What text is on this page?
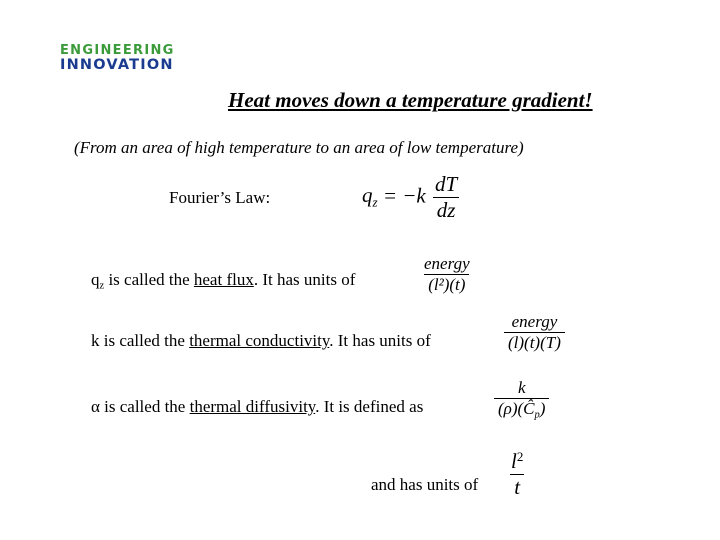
ENGINEERING
INNOVATION
Heat moves down a temperature gradient!
(From an area of high temperature to an area of low temperature)
Fourier’s Law:	$q_z = -k \frac{dT}{dz}$
$q_z$ is called the heat flux. It has units of	$\frac{\text{energy}}{\text{(l²)(t)}}$
k is called the thermal conductivity. It has units of	$\frac{\text{energy}}{(l)(t)(T)}$
α is called the thermal diffusivity. It is defined as	$\frac{k}{(\rho)(Ĉ_p)}$
and has units of $\frac{l^2}{t}$
